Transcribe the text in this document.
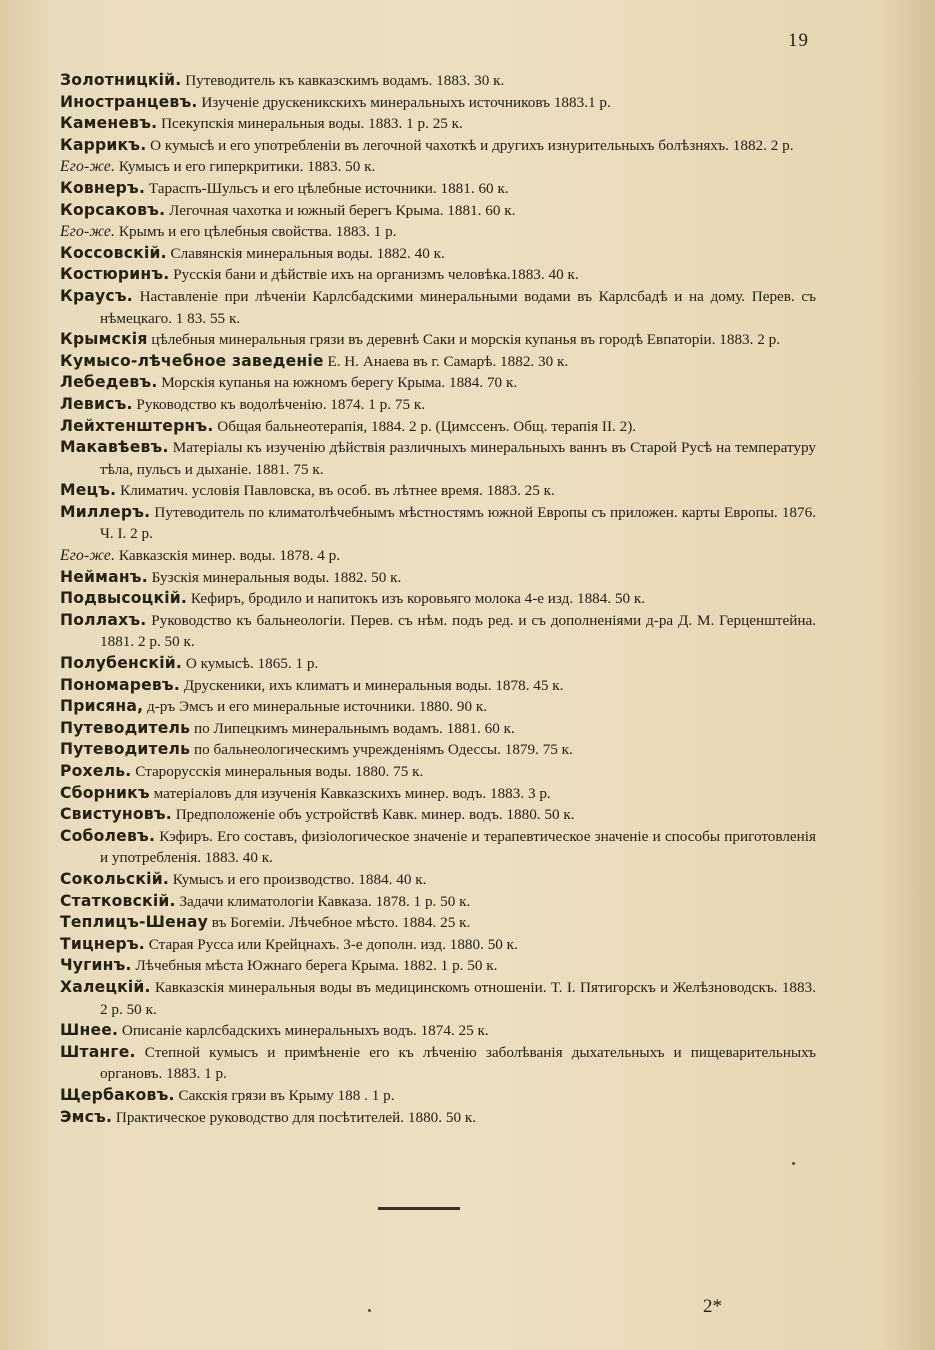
19
Золотницкій. Путеводитель къ кавказскимъ водамъ. 1883. 30 к.
Иностранцевъ. Изученіе друскеникскихъ минеральныхъ источниковъ 1883.1 р.
Каменевъ. Псекупскія минеральныя воды. 1883. 1 р. 25 к.
Каррикъ. О кумысѣ и его употребленіи въ легочной чахоткѣ и другихъ изнурительныхъ болѣзняхъ. 1882. 2 р.
Его-же. Кумысъ и его гиперкритики. 1883. 50 к.
Ковнеръ. Тараспъ-Шульсъ и его цѣлебные источники. 1881. 60 к.
Корсаковъ. Легочная чахотка и южный берегъ Крыма. 1881. 60 к.
Его-же. Крымъ и его цѣлебныя свойства. 1883. 1 р.
Коссовскій. Славянскія минеральныя воды. 1882. 40 к.
Костюринъ. Русскія бани и дѣйствіе ихъ на организмъ человѣка.1883. 40 к.
Краусъ. Наставленіе при лѣченіи Карлсбадскими минеральными водами въ Карлсбадѣ и на дому. Перев. съ нѣмецкаго. 1 83. 55 к.
Крымскія цѣлебныя минеральныя грязи въ деревнѣ Саки и морскія купанья въ городѣ Евпаторіи. 1883. 2 р.
Кумысо-лѣчебное заведеніе Е. Н. Анаева въ г. Самарѣ. 1882. 30 к.
Лебедевъ. Морскія купанья на южномъ берегу Крыма. 1884. 70 к.
Левисъ. Руководство къ водолѣченію. 1874. 1 р. 75 к.
Лейхтенштернъ. Общая бальнеотерапія, 1884. 2 р. (Цимссенъ. Общ. терапія II. 2).
Макавѣевъ. Матеріалы къ изученію дѣйствія различныхъ минеральныхъ ваннъ въ Старой Русѣ на температуру тѣла, пульсъ и дыханіе. 1881. 75 к.
Мецъ. Климатич. условія Павловска, въ особ. въ лѣтнее время. 1883. 25 к.
Миллеръ. Путеводитель по климатолѣчебнымъ мѣстностямъ южной Европы съ приложен. карты Европы. 1876. Ч. I. 2 р.
Его-же. Кавказскія минер. воды. 1878. 4 р.
Нейманъ. Бузскія минеральныя воды. 1882. 50 к.
Подвысоцкій. Кефиръ, бродило и напитокъ изъ коровьяго молока 4-е изд. 1884. 50 к.
Поллахъ. Руководство къ бальнеологіи. Перев. съ нѣм. подъ ред. и съ дополненіями д-ра Д. М. Герценштейна. 1881. 2 р. 50 к.
Полубенскій. О кумысѣ. 1865. 1 р.
Пономаревъ. Друскеники, ихъ климатъ и минеральныя воды. 1878. 45 к.
Присяна, д-ръ Эмсъ и его минеральные источники. 1880. 90 к.
Путеводитель по Липецкимъ минеральнымъ водамъ. 1881. 60 к.
Путеводитель по бальнеологическимъ учрежденіямъ Одессы. 1879. 75 к.
Рохель. Старорусскія минеральныя воды. 1880. 75 к.
Сборникъ матеріаловъ для изученія Кавказскихъ минер. водъ. 1883. 3 р.
Свистуновъ. Предположеніе объ устройствѣ Кавк. минер. водъ. 1880. 50 к.
Соболевъ. Кэфиръ. Его составъ, физіологическое значеніе и терапевтическое значеніе и способы приготовленія и употребленія. 1883. 40 к.
Сокольскій. Кумысъ и его производство. 1884. 40 к.
Статковскій. Задачи климатологіи Кавказа. 1878. 1 р. 50 к.
Теплицъ-Шенау въ Богеміи. Лѣчебное мѣсто. 1884. 25 к.
Тицнеръ. Старая Русса или Крейцнахъ. 3-е дополн. изд. 1880. 50 к.
Чугинъ. Лѣчебныя мѣста Южнаго берега Крыма. 1882. 1 р. 50 к.
Халецкій. Кавказскія минеральныя воды въ медицинскомъ отношеніи. Т. I. Пятигорскъ и Желѣзноводскъ. 1883. 2 р. 50 к.
Шнее. Описаніе карлсбадскихъ минеральныхъ водъ. 1874. 25 к.
Штанге. Степной кумысъ и примѣненіе его къ лѣченію заболѣванія дыхательныхъ и пищеварительныхъ органовъ. 1883. 1 р.
Щербаковъ. Сакскія грязи въ Крыму 188 . 1 р.
Эмсъ. Практическое руководство для посѣтителей. 1880. 50 к.
2*
